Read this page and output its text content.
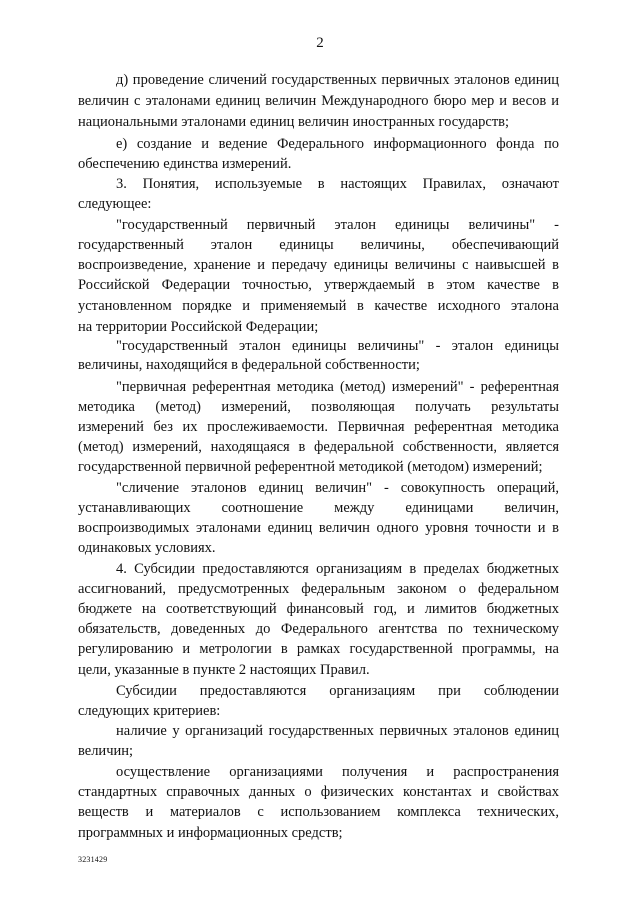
2
д) проведение сличений государственных первичных эталонов единиц
величин с эталонами единиц величин Международного бюро мер и весов и
национальными эталонами единиц величин иностранных государств;
е) создание и ведение Федерального информационного фонда по
обеспечению единства измерений.
3. Понятия, используемые в настоящих Правилах, означают
следующее:
"государственный первичный эталон единицы величины" -
государственный эталон единицы величины, обеспечивающий
воспроизведение, хранение и передачу единицы величины с наивысшей в
Российской Федерации точностью, утверждаемый в этом качестве в
установленном порядке и применяемый в качестве исходного эталона
на территории Российской Федерации;
"государственный эталон единицы величины" - эталон единицы
величины, находящийся в федеральной собственности;
"первичная референтная методика (метод) измерений" - референтная
методика (метод) измерений, позволяющая получать результаты
измерений без их прослеживаемости. Первичная референтная методика
(метод) измерений, находящаяся в федеральной собственности, является
государственной первичной референтной методикой (методом) измерений;
"сличение эталонов единиц величин" - совокупность операций,
устанавливающих соотношение между единицами величин,
воспроизводимых эталонами единиц величин одного уровня точности и в
одинаковых условиях.
4. Субсидии предоставляются организациям в пределах бюджетных
ассигнований, предусмотренных федеральным законом о федеральном
бюджете на соответствующий финансовый год, и лимитов бюджетных
обязательств, доведенных до Федерального агентства по техническому
регулированию и метрологии в рамках государственной программы, на
цели, указанные в пункте 2 настоящих Правил.
Субсидии предоставляются организациям при соблюдении
следующих критериев:
наличие у организаций государственных первичных эталонов единиц
величин;
осуществление организациями получения и распространения
стандартных справочных данных о физических константах и свойствах
веществ и материалов с использованием комплекса технических,
программных и информационных средств;
3231429
